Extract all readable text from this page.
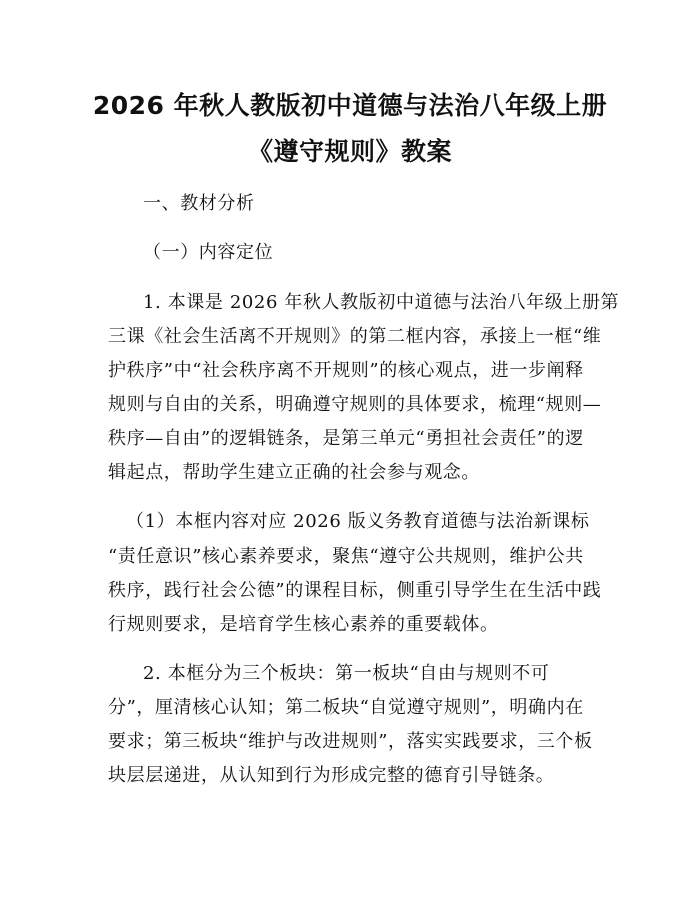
2026 年秋人教版初中道德与法治八年级上册
《遵守规则》教案
一、教材分析
（一）内容定位
1. 本课是 2026 年秋人教版初中道德与法治八年级上册第
三课《社会生活离不开规则》的第二框内容，承接上一框“维
护秩序”中“社会秩序离不开规则”的核心观点，进一步阐释
规则与自由的关系，明确遵守规则的具体要求，梳理“规则—
秩序—自由”的逻辑链条，是第三单元“勇担社会责任”的逻
辑起点，帮助学生建立正确的社会参与观念。
（1）本框内容对应 2026 版义务教育道德与法治新课标
“责任意识”核心素养要求，聚焦“遵守公共规则，维护公共
秩序，践行社会公德”的课程目标，侧重引导学生在生活中践
行规则要求，是培育学生核心素养的重要载体。
2. 本框分为三个板块：第一板块“自由与规则不可
分”，厘清核心认知；第二板块“自觉遵守规则”，明确内在
要求；第三板块“维护与改进规则”，落实实践要求，三个板
块层层递进，从认知到行为形成完整的德育引导链条。
